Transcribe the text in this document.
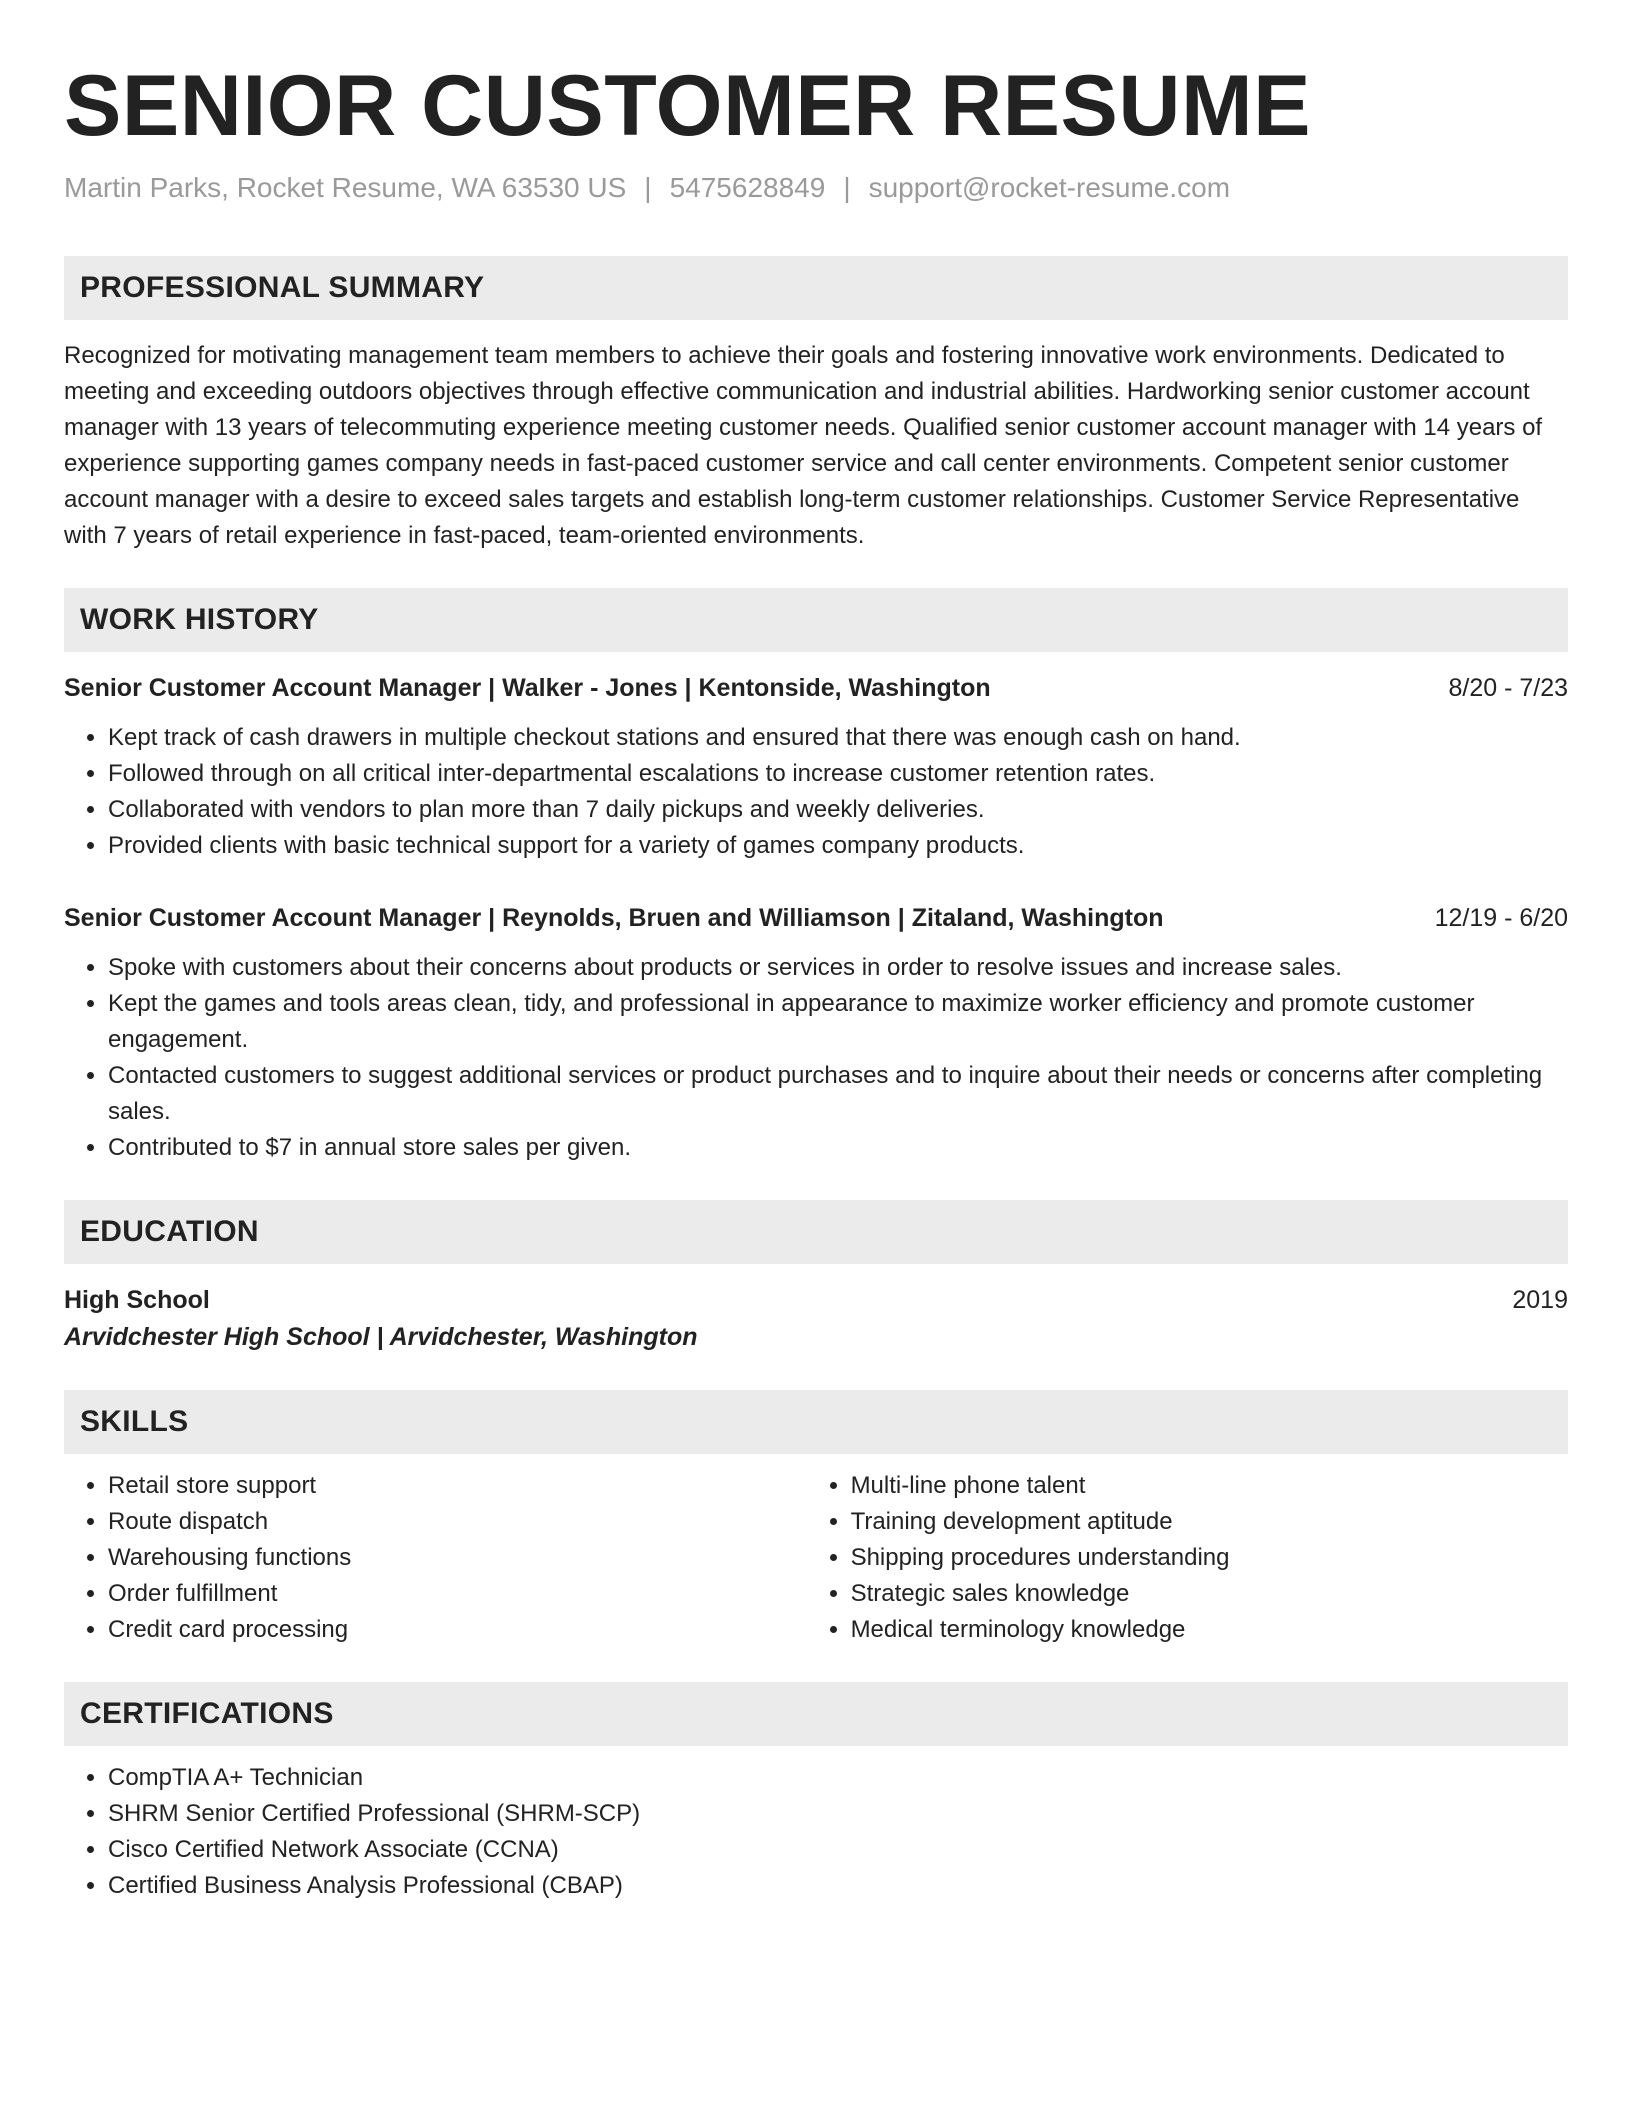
SENIOR CUSTOMER RESUME
Martin Parks, Rocket Resume, WA 63530 US | 5475628849 | support@rocket-resume.com
PROFESSIONAL SUMMARY
Recognized for motivating management team members to achieve their goals and fostering innovative work environments. Dedicated to meeting and exceeding outdoors objectives through effective communication and industrial abilities. Hardworking senior customer account manager with 13 years of telecommuting experience meeting customer needs. Qualified senior customer account manager with 14 years of experience supporting games company needs in fast-paced customer service and call center environments. Competent senior customer account manager with a desire to exceed sales targets and establish long-term customer relationships. Customer Service Representative with 7 years of retail experience in fast-paced, team-oriented environments.
WORK HISTORY
Senior Customer Account Manager | Walker - Jones | Kentonside, Washington	8/20 - 7/23
• Kept track of cash drawers in multiple checkout stations and ensured that there was enough cash on hand.
• Followed through on all critical inter-departmental escalations to increase customer retention rates.
• Collaborated with vendors to plan more than 7 daily pickups and weekly deliveries.
• Provided clients with basic technical support for a variety of games company products.
Senior Customer Account Manager | Reynolds, Bruen and Williamson | Zitaland, Washington	12/19 - 6/20
• Spoke with customers about their concerns about products or services in order to resolve issues and increase sales.
• Kept the games and tools areas clean, tidy, and professional in appearance to maximize worker efficiency and promote customer engagement.
• Contacted customers to suggest additional services or product purchases and to inquire about their needs or concerns after completing sales.
• Contributed to $7 in annual store sales per given.
EDUCATION
High School	2019
Arvidchester High School | Arvidchester, Washington
SKILLS
• Retail store support
• Route dispatch
• Warehousing functions
• Order fulfillment
• Credit card processing
• Multi-line phone talent
• Training development aptitude
• Shipping procedures understanding
• Strategic sales knowledge
• Medical terminology knowledge
CERTIFICATIONS
• CompTIA A+ Technician
• SHRM Senior Certified Professional (SHRM-SCP)
• Cisco Certified Network Associate (CCNA)
• Certified Business Analysis Professional (CBAP)
